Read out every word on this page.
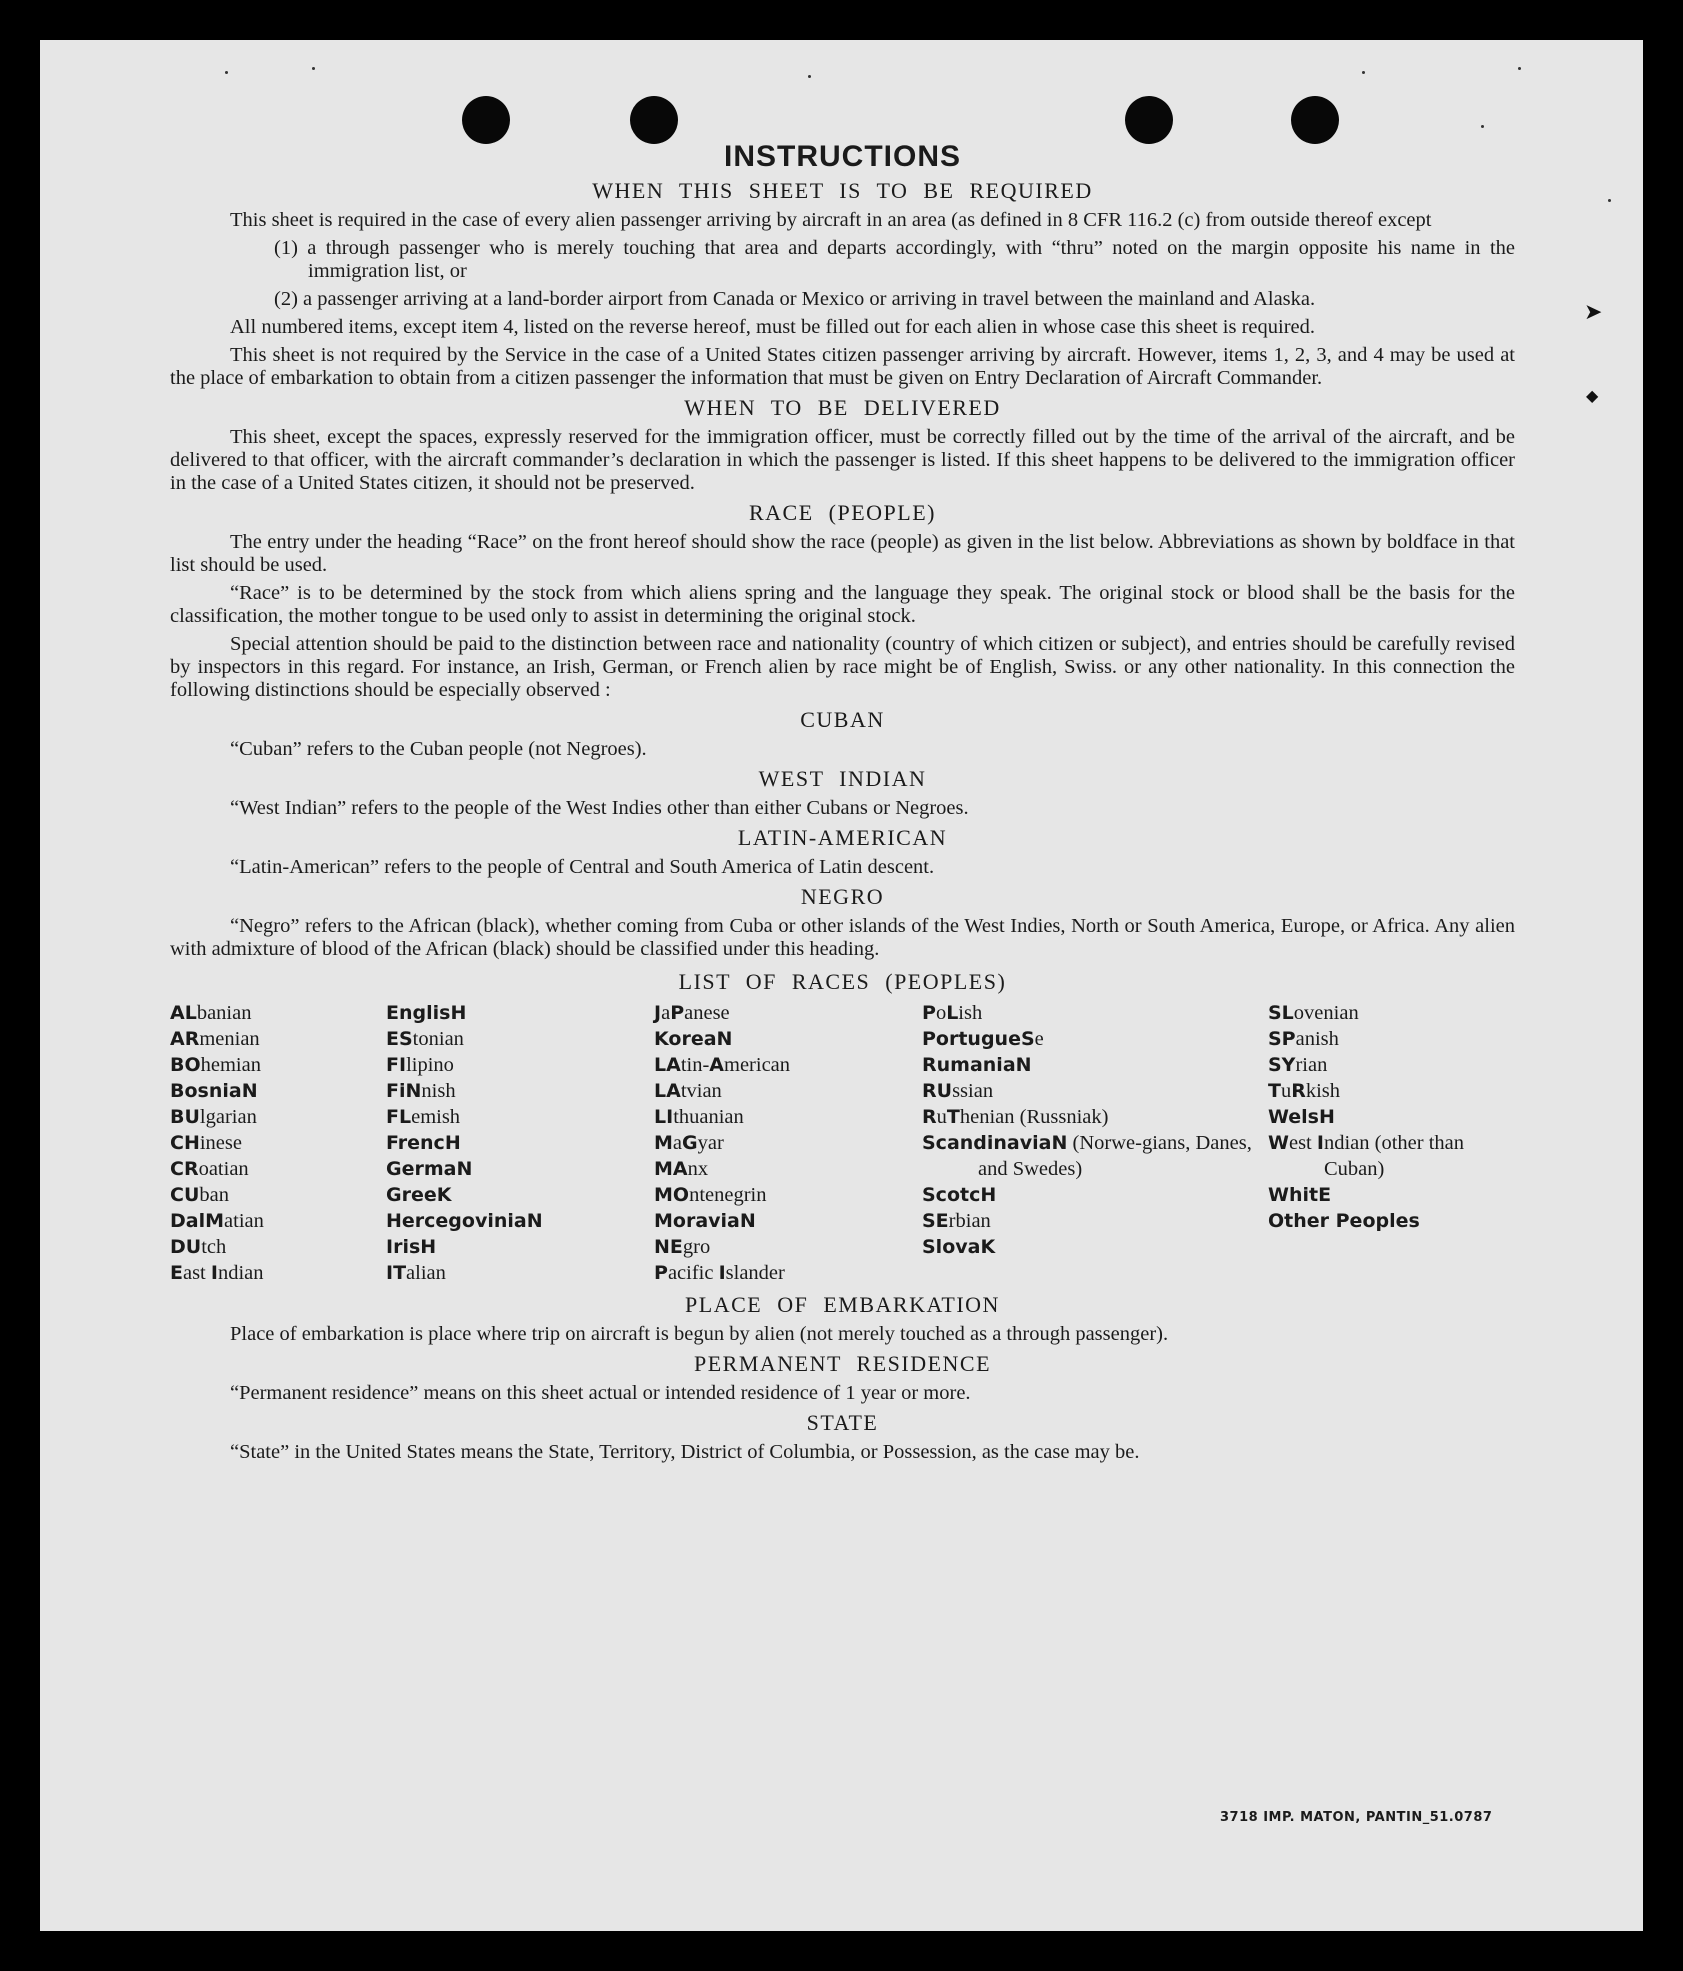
➤
◆
INSTRUCTIONS
WHEN THIS SHEET IS TO BE REQUIRED

This sheet is required in the case of every alien passenger arriving by aircraft in an area (as defined in 8 CFR 116.2 (c) from outside thereof except

(1) a through passenger who is merely touching that area and departs accordingly, with “thru” noted on the margin opposite his name in the immigration list, or

(2) a passenger arriving at a land-border airport from Canada or Mexico or arriving in travel between the mainland and Alaska.

All numbered items, except item 4, listed on the reverse hereof, must be filled out for each alien in whose case this sheet is required.

This sheet is not required by the Service in the case of a United States citizen passenger arriving by aircraft. However, items 1, 2, 3, and 4 may be used at the place of embarkation to obtain from a citizen passenger the information that must be given on Entry Declaration of Aircraft Commander.

WHEN TO BE DELIVERED

This sheet, except the spaces, expressly reserved for the immigration officer, must be correctly filled out by the time of the arrival of the aircraft, and be delivered to that officer, with the aircraft commander’s declaration in which the passenger is listed. If this sheet happens to be delivered to the immigration officer in the case of a United States citizen, it should not be preserved.

RACE (PEOPLE)

The entry under the heading “Race” on the front hereof should show the race (people) as given in the list below. Abbreviations as shown by boldface in that list should be used.

“Race” is to be determined by the stock from which aliens spring and the language they speak. The original stock or blood shall be the basis for the classification, the mother tongue to be used only to assist in determining the original stock.

Special attention should be paid to the distinction between race and nationality (country of which citizen or subject), and entries should be carefully revised by inspectors in this regard. For instance, an Irish, German, or French alien by race might be of English, Swiss. or any other nationality. In this connection the following distinctions should be especially observed :

CUBAN

“Cuban” refers to the Cuban people (not Negroes).

WEST INDIAN

“West Indian” refers to the people of the West Indies other than either Cubans or Negroes.

LATIN-AMERICAN

“Latin-American” refers to the people of Central and South America of Latin descent.

NEGRO

“Negro” refers to the African (black), whether coming from Cuba or other islands of the West Indies, North or South America, Europe, or Africa. Any alien with admixture of blood of the African (black) should be classified under this heading.

LIST OF RACES (PEOPLES)
ALbanian
ARmenian
BOhemian
BosniaN
BUlgarian
CHinese
CRoatian
CUban
DalMatian
DUtch
East Indian
EnglisH
EStonian
FIlipino
FiNnish
FLemish
FrencH
GermaN
GreeK
HercegoviniaN
IrisH
ITalian
JaPanese
KoreaN
LAtin-American
LAtvian
LIthuanian
MaGyar
MAnx
MOntenegrin
MoraviaN
NEgro
Pacific Islander
PoLish
PortugueSe
RumaniaN
RUssian
RuThenian (Russniak)
ScandinaviaN (Norwe-gians, Danes, and Swedes)
ScotcH
SErbian
SlovaK
SLovenian
SPanish
SYrian
TuRkish
WelsH
West Indian (other than Cuban)
WhitE
Other Peoples
PLACE OF EMBARKATION

Place of embarkation is place where trip on aircraft is begun by alien (not merely touched as a through passenger).

PERMANENT RESIDENCE

“Permanent residence” means on this sheet actual or intended residence of 1 year or more.

STATE

“State” in the United States means the State, Territory, District of Columbia, or Possession, as the case may be.

3718 IMP. MATON, PANTIN_51.0787
